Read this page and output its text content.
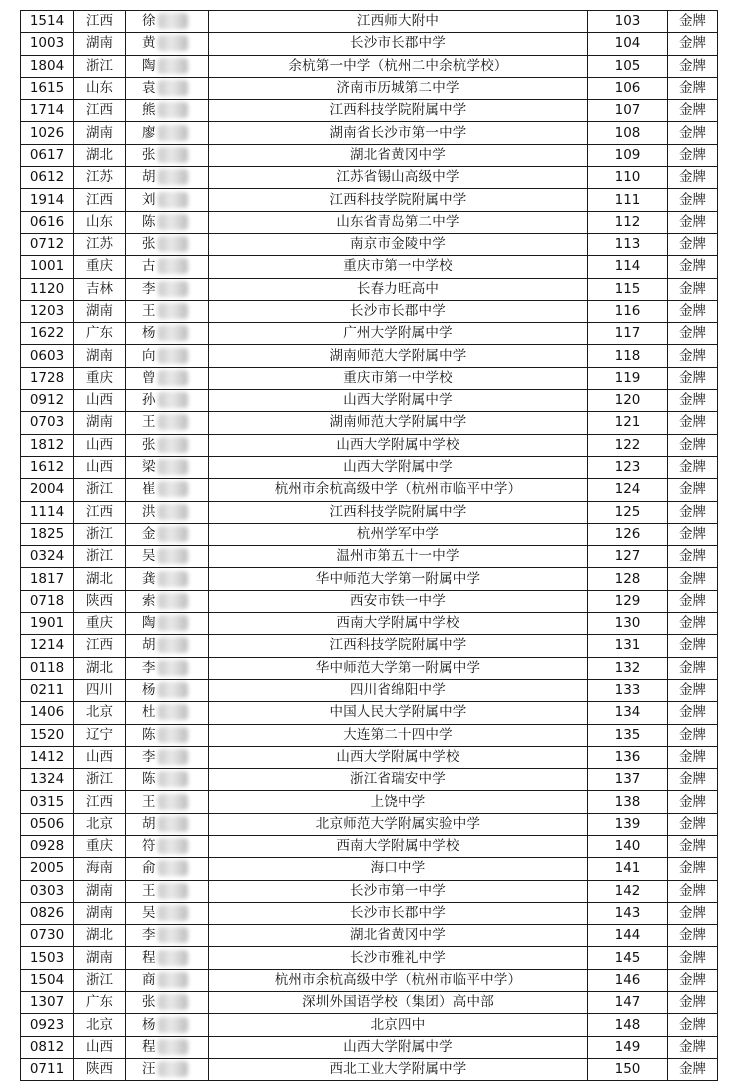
1514	江西	徐	江西师大附中	103	金牌
1003	湖南	黄	长沙市长郡中学	104	金牌
1804	浙江	陶	余杭第一中学（杭州二中余杭学校）	105	金牌
1615	山东	袁	济南市历城第二中学	106	金牌
1714	江西	熊	江西科技学院附属中学	107	金牌
1026	湖南	廖	湖南省长沙市第一中学	108	金牌
0617	湖北	张	湖北省黄冈中学	109	金牌
0612	江苏	胡	江苏省锡山高级中学	110	金牌
1914	江西	刘	江西科技学院附属中学	111	金牌
0616	山东	陈	山东省青岛第二中学	112	金牌
0712	江苏	张	南京市金陵中学	113	金牌
1001	重庆	古	重庆市第一中学校	114	金牌
1120	吉林	李	长春力旺高中	115	金牌
1203	湖南	王	长沙市长郡中学	116	金牌
1622	广东	杨	广州大学附属中学	117	金牌
0603	湖南	向	湖南师范大学附属中学	118	金牌
1728	重庆	曾	重庆市第一中学校	119	金牌
0912	山西	孙	山西大学附属中学	120	金牌
0703	湖南	王	湖南师范大学附属中学	121	金牌
1812	山西	张	山西大学附属中学校	122	金牌
1612	山西	梁	山西大学附属中学	123	金牌
2004	浙江	崔	杭州市余杭高级中学（杭州市临平中学）	124	金牌
1114	江西	洪	江西科技学院附属中学	125	金牌
1825	浙江	金	杭州学军中学	126	金牌
0324	浙江	吴	温州市第五十一中学	127	金牌
1817	湖北	龚	华中师范大学第一附属中学	128	金牌
0718	陕西	索	西安市铁一中学	129	金牌
1901	重庆	陶	西南大学附属中学校	130	金牌
1214	江西	胡	江西科技学院附属中学	131	金牌
0118	湖北	李	华中师范大学第一附属中学	132	金牌
0211	四川	杨	四川省绵阳中学	133	金牌
1406	北京	杜	中国人民大学附属中学	134	金牌
1520	辽宁	陈	大连第二十四中学	135	金牌
1412	山西	李	山西大学附属中学校	136	金牌
1324	浙江	陈	浙江省瑞安中学	137	金牌
0315	江西	王	上饶中学	138	金牌
0506	北京	胡	北京师范大学附属实验中学	139	金牌
0928	重庆	符	西南大学附属中学校	140	金牌
2005	海南	俞	海口中学	141	金牌
0303	湖南	王	长沙市第一中学	142	金牌
0826	湖南	吴	长沙市长郡中学	143	金牌
0730	湖北	李	湖北省黄冈中学	144	金牌
1503	湖南	程	长沙市雅礼中学	145	金牌
1504	浙江	商	杭州市余杭高级中学（杭州市临平中学）	146	金牌
1307	广东	张	深圳外国语学校（集团）高中部	147	金牌
0923	北京	杨	北京四中	148	金牌
0812	山西	程	山西大学附属中学	149	金牌
0711	陕西	汪	西北工业大学附属中学	150	金牌
